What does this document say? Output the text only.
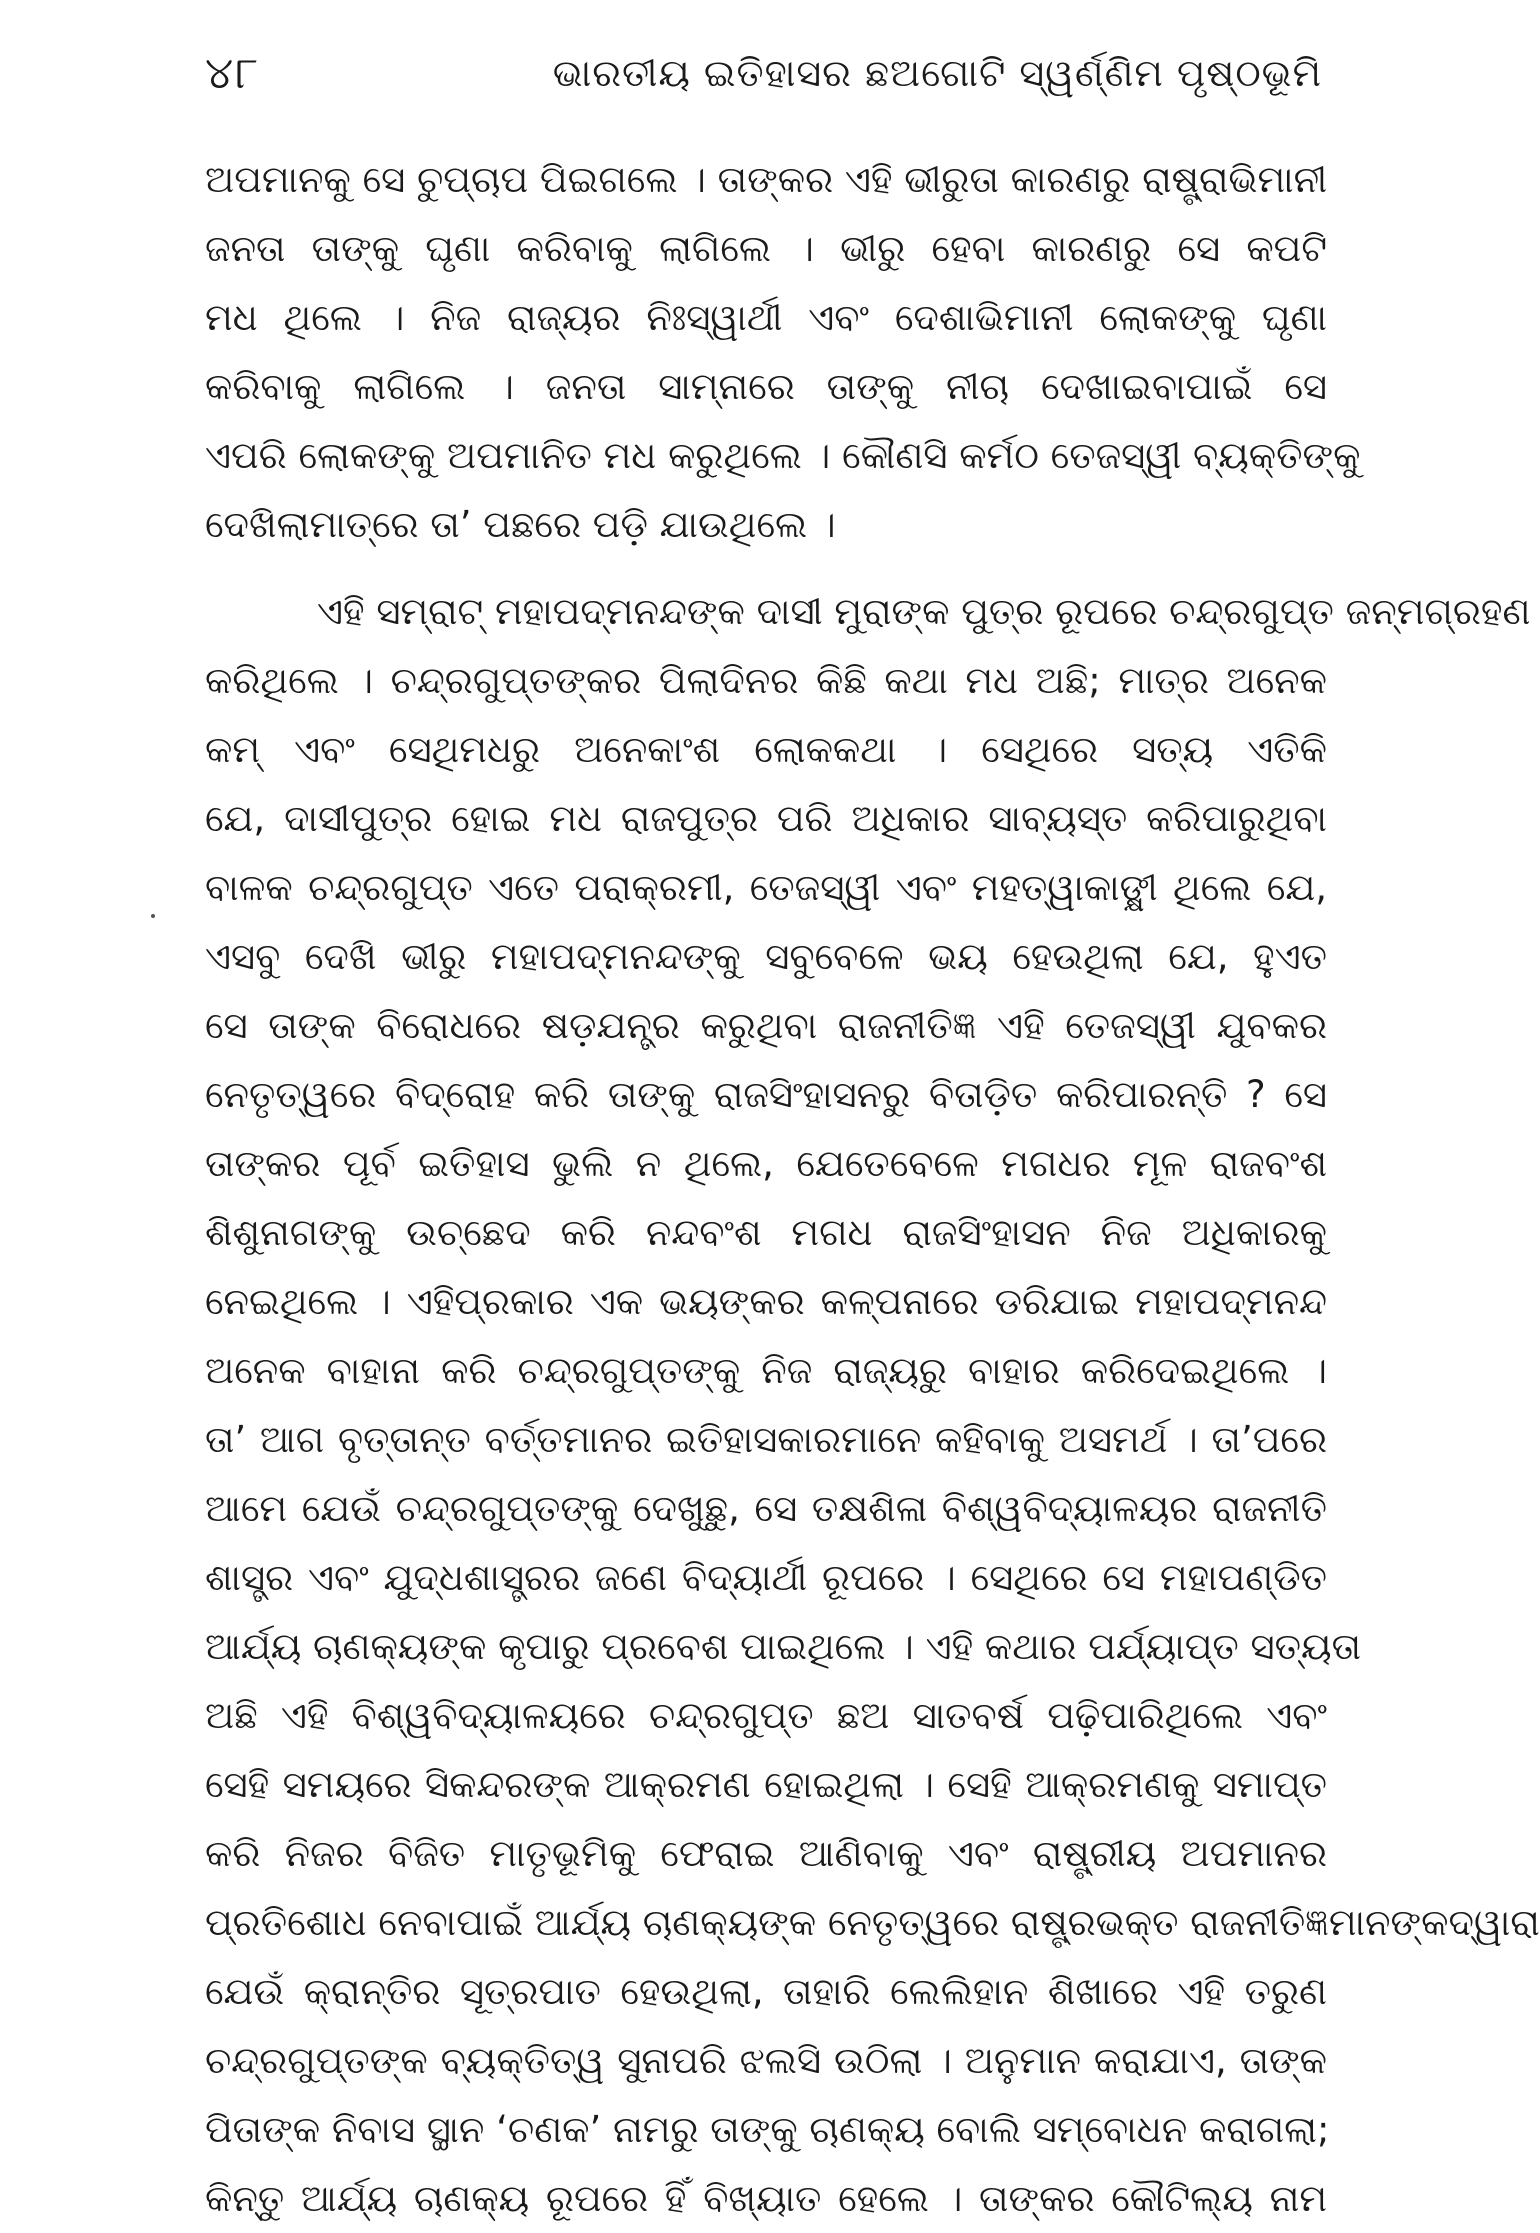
୪୮	ଭାରତୀୟ ଇତିହାସର ଛଅଗୋଟି ସ୍ୱର୍ଣ୍ଣିମ ପୃଷ୍ଠଭୂମି
ଅପମାନକୁ ସେ ଚୁପ୍‌ଚାପ ପିଇଗଲେ । ତାଙ୍କର ଏହି ଭୀରୁତା କାରଣରୁ ରାଷ୍ଟ୍ରାଭିମାନୀ
ଜନତା ତାଙ୍କୁ ଘୃଣା କରିବାକୁ ଲାଗିଲେ । ଭୀରୁ ହେବା କାରଣରୁ ସେ କପଟି
ମଧ ଥିଲେ । ନିଜ ରାଜ୍ୟର ନିଃସ୍ୱାର୍ଥୀ ଏବଂ ଦେଶାଭିମାନୀ ଲୋକଙ୍କୁ ଘୃଣା
କରିବାକୁ ଲାଗିଲେ । ଜନତା ସାମ୍‌ନାରେ ତାଙ୍କୁ ନୀଚା ଦେଖାଇବାପାଇଁ ସେ
ଏପରି ଲୋକଙ୍କୁ ଅପମାନିତ ମଧ କରୁଥିଲେ । କୌଣସି କର୍ମଠ ତେଜସ୍ୱୀ ବ୍ୟକ୍ତିଙ୍କୁ
ଦେଖିଲାମାତ୍ରେ ତା’ ପଛରେ ପଡ଼ି ଯାଉଥିଲେ ।
ଏହି ସମ୍ରାଟ୍ ମହାପଦ୍ମନନ୍ଦଙ୍କ ଦାସୀ ମୁରାଙ୍କ ପୁତ୍ର ରୂପରେ ଚନ୍ଦ୍ରଗୁପ୍ତ ଜନ୍ମଗ୍ରହଣ
କରିଥିଲେ । ଚନ୍ଦ୍ରଗୁପ୍ତଙ୍କର ପିଲାଦିନର କିଛି କଥା ମଧ ଅଛି; ମାତ୍ର ଅନେକ
କମ୍ ଏବଂ ସେଥିମଧରୁ ଅନେକାଂଶ ଲୋକକଥା । ସେଥିରେ ସତ୍ୟ ଏତିକି
ଯେ, ଦାସୀପୁତ୍ର ହୋଇ ମଧ ରାଜପୁତ୍ର ପରି ଅଧିକାର ସାବ୍ୟସ୍ତ କରିପାରୁଥିବା
ବାଳକ ଚନ୍ଦ୍ରଗୁପ୍ତ ଏତେ ପରାକ୍ରମୀ, ତେଜସ୍ୱୀ ଏବଂ ମହତ୍ୱାକାଙ୍କ୍ଷୀ ଥିଲେ ଯେ,
ଏସବୁ ଦେଖି ଭୀରୁ ମହାପଦ୍ମନନ୍ଦଙ୍କୁ ସବୁବେଳେ ଭୟ ହେଉଥିଲା ଯେ, ହୁଏତ
ସେ ତାଙ୍କ ବିରୋଧରେ ଷଡ଼ଯନ୍ତ୍ର କରୁଥିବା ରାଜନୀତିଜ୍ଞ ଏହି ତେଜସ୍ୱୀ ଯୁବକର
ନେତୃତ୍ୱରେ ବିଦ୍ରୋହ କରି ତାଙ୍କୁ ରାଜସିଂହାସନରୁ ବିତାଡ଼ିତ କରିପାରନ୍ତି ? ସେ
ତାଙ୍କର ପୂର୍ବ ଇତିହାସ ଭୁଲି ନ ଥିଲେ, ଯେତେବେଳେ ମଗଧର ମୂଳ ରାଜବଂଶ
ଶିଶୁନାଗଙ୍କୁ ଉଚ୍ଛେଦ କରି ନନ୍ଦବଂଶ ମଗଧ ରାଜସିଂହାସନ ନିଜ ଅଧିକାରକୁ
ନେଇଥିଲେ । ଏହିପ୍ରକାର ଏକ ଭୟଙ୍କର କଳ୍ପନାରେ ଡରିଯାଇ ମହାପଦ୍ମନନ୍ଦ
ଅନେକ ବାହାନା କରି ଚନ୍ଦ୍ରଗୁପ୍ତଙ୍କୁ ନିଜ ରାଜ୍ୟରୁ ବାହାର କରିଦେଇଥିଲେ ।
ତା’ ଆଗ ବୃତ୍ତାନ୍ତ ବର୍ତ୍ତମାନର ଇତିହାସକାରମାନେ କହିବାକୁ ଅସମର୍ଥ । ତା’ପରେ
ଆମେ ଯେଉଁ ଚନ୍ଦ୍ରଗୁପ୍ତଙ୍କୁ ଦେଖୁଛୁ, ସେ ତକ୍ଷଶିଳା ବିଶ୍ୱବିଦ୍ୟାଳୟର ରାଜନୀତି
ଶାସ୍ତ୍ର ଏବଂ ଯୁଦ୍ଧଶାସ୍ତ୍ରର ଜଣେ ବିଦ୍ୟାର୍ଥୀ ରୂପରେ । ସେଥିରେ ସେ ମହାପଣ୍ଡିତ
ଆର୍ଯ୍ୟ ଚାଣକ୍ୟଙ୍କ କୃପାରୁ ପ୍ରବେଶ ପାଇଥିଲେ । ଏହି କଥାର ପର୍ଯ୍ୟାପ୍ତ ସତ୍ୟତା
ଅଛି ଏହି ବିଶ୍ୱବିଦ୍ୟାଳୟରେ ଚନ୍ଦ୍ରଗୁପ୍ତ ଛଅ ସାତବର୍ଷ ପଢ଼ିପାରିଥିଲେ ଏବଂ
ସେହି ସମୟରେ ସିକନ୍ଦରଙ୍କ ଆକ୍ରମଣ ହୋଇଥିଲା । ସେହି ଆକ୍ରମଣକୁ ସମାପ୍ତ
କରି ନିଜର ବିଜିତ ମାତୃଭୂମିକୁ ଫେରାଇ ଆଣିବାକୁ ଏବଂ ରାଷ୍ଟ୍ରୀୟ ଅପମାନର
ପ୍ରତିଶୋଧ ନେବାପାଇଁ ଆର୍ଯ୍ୟ ଚାଣକ୍ୟଙ୍କ ନେତୃତ୍ୱରେ ରାଷ୍ଟ୍ରଭକ୍ତ ରାଜନୀତିଜ୍ଞମାନଙ୍କଦ୍ୱାରା
ଯେଉଁ କ୍ରାନ୍ତିର ସୂତ୍ରପାତ ହେଉଥିଲା, ତାହାରି ଲେଲିହାନ ଶିଖାରେ ଏହି ତରୁଣ
ଚନ୍ଦ୍ରଗୁପ୍ତଙ୍କ ବ୍ୟକ୍ତିତ୍ୱ ସୁନାପରି ଝଲସି ଉଠିଲା । ଅନୁମାନ କରାଯାଏ, ତାଙ୍କ
ପିତାଙ୍କ ନିବାସ ସ୍ଥାନ ‘ଚଣକ’ ନାମରୁ ତାଙ୍କୁ ଚାଣକ୍ୟ ବୋଲି ସମ୍ବୋଧନ କରାଗଲା;
କିନ୍ତୁ ଆର୍ଯ୍ୟ ଚାଣକ୍ୟ ରୂପରେ ହିଁ ବିଖ୍ୟାତ ହେଲେ । ତାଙ୍କର କୌଟିଲ୍ୟ ନାମ
